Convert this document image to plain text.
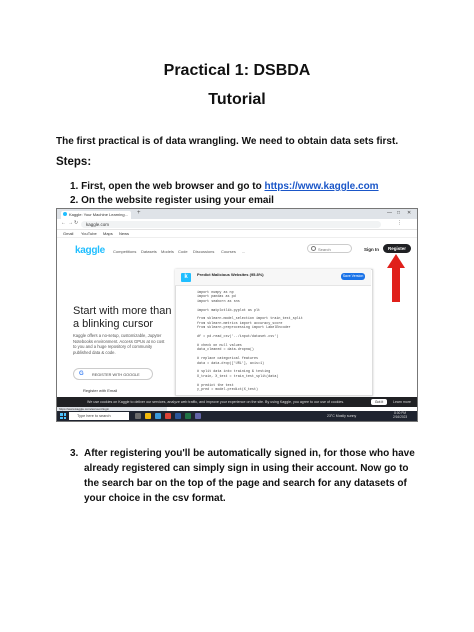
Practical 1: DSBDA
Tutorial
The first practical is of data wrangling. We need to obtain data sets first.
Steps:
1. First, open the web browser and go to https://www.kaggle.com
2. On the website register using your email
Kaggle: Your Machine Learning...	+	— □ ✕
← → ↻	kaggle.com	⋮
Gmail YouTube Maps News
kaggle Competitions Datasets Models Code Discussions Courses ...	Search	Sign In	Register
Start with more than
a blinking cursor
Kaggle offers a no-setup, customizable, Jupyter Notebooks environment. Access GPUs at no cost to you and a huge repository of community published data & code.
REGISTER WITH GOOGLE
G
Register with Email
k	Predict Malicious Websites (95.8%)	Save Version
import numpy as np
import pandas as pd
import seaborn as sns

import matplotlib.pyplot as plt

from sklearn.model_selection import train_test_split
from sklearn.metrics import accuracy_score
from sklearn.preprocessing import LabelEncoder

df = pd.read_csv('../input/dataset.csv')

# check on null values
data_cleaned = data.dropna()

# replace categorical features
data = data.drop(['URL'], axis=1)

# split data into training & testing
X_train, X_test = train_test_split(data)

# predict the test
y_pred = model.predict(X_test)
We use cookies on Kaggle to deliver our services, analyze web traffic, and improve your experience on the site. By using Kaggle, you agree to our use of cookies.	Got it	Learn more
https://www.kaggle.com/account/login
Type here to search	23°C Mostly sunny
8:00 PM
2/16/2023
3. After registering you'll be automatically signed in, for those who have already registered can simply sign in using their account. Now go to the search bar on the top of the page and search for any datasets of your choice in the csv format.
